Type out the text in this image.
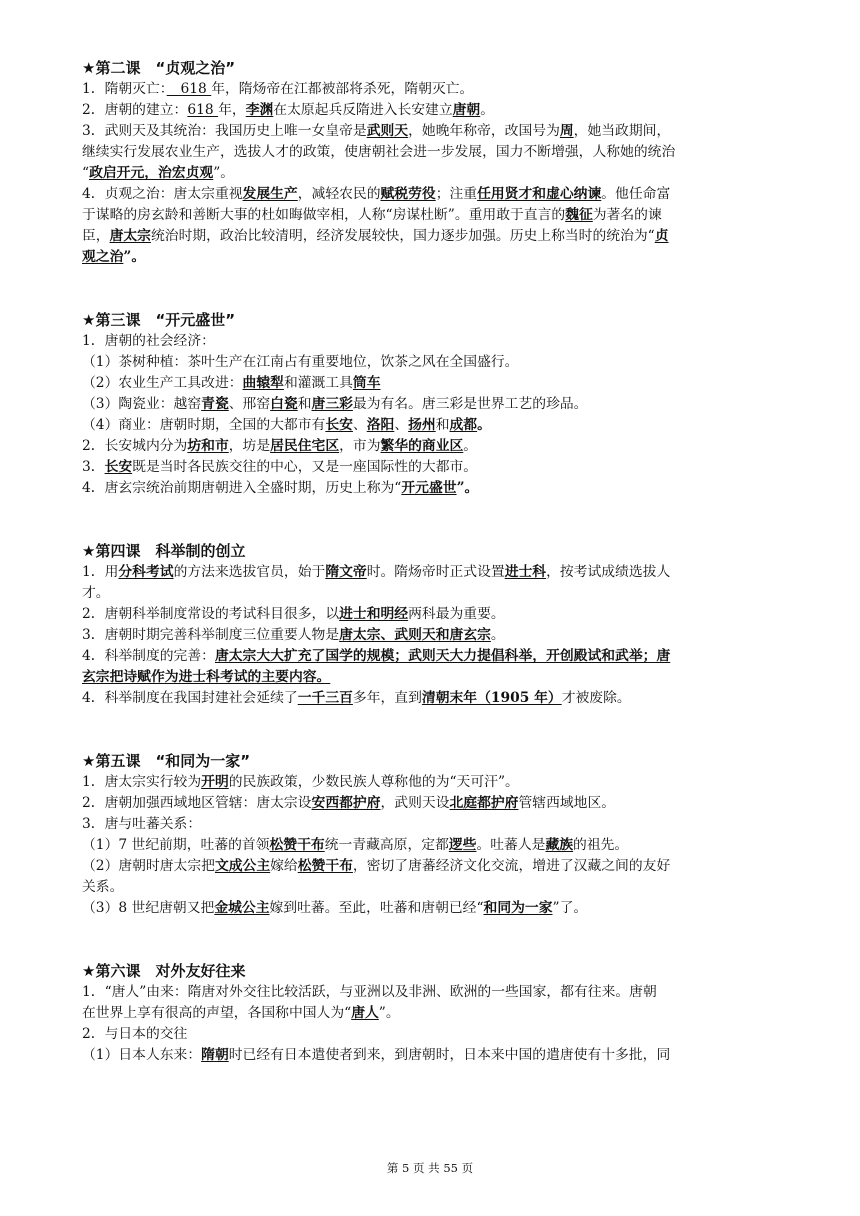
★第二课　“贞观之治”
1．隋朝灭亡：　618 年，隋炀帝在江都被部将杀死，隋朝灭亡。
2．唐朝的建立：618 年，李渊在太原起兵反隋进入长安建立唐朝。
3．武则天及其统治：我国历史上唯一女皇帝是武则天，她晚年称帝，改国号为周，她当政期间，
继续实行发展农业生产，选拔人才的政策，使唐朝社会进一步发展，国力不断增强，人称她的统治
“政启开元，治宏贞观”。
4．贞观之治：唐太宗重视发展生产，减轻农民的赋税劳役；注重任用贤才和虚心纳谏。他任命富
于谋略的房玄龄和善断大事的杜如晦做宰相，人称“房谋杜断”。重用敢于直言的魏征为著名的谏
臣，唐太宗统治时期，政治比较清明，经济发展较快，国力逐步加强。历史上称当时的统治为“贞
观之治”。
★第三课　“开元盛世”
1．唐朝的社会经济：
（1）茶树种植：茶叶生产在江南占有重要地位，饮茶之风在全国盛行。
（2）农业生产工具改进：曲辕犁和灌溉工具筒车
（3）陶瓷业：越窑青瓷、邢窑白瓷和唐三彩最为有名。唐三彩是世界工艺的珍品。
（4）商业：唐朝时期，全国的大都市有长安、洛阳、扬州和成都。
2．长安城内分为坊和市，坊是居民住宅区，市为繁华的商业区。
3．长安既是当时各民族交往的中心，又是一座国际性的大都市。
4．唐玄宗统治前期唐朝进入全盛时期，历史上称为“开元盛世”。
★第四课　科举制的创立
1．用分科考试的方法来选拔官员，始于隋文帝时。隋炀帝时正式设置进士科，按考试成绩选拔人
才。
2．唐朝科举制度常设的考试科目很多，以进士和明经两科最为重要。
3．唐朝时期完善科举制度三位重要人物是唐太宗、武则天和唐玄宗。
4．科举制度的完善：唐太宗大大扩充了国学的规模；武则天大力提倡科举，开创殿试和武举；唐
玄宗把诗赋作为进士科考试的主要内容。
4．科举制度在我国封建社会延续了一千三百多年，直到清朝末年（1905 年）才被废除。
★第五课　“和同为一家”
1．唐太宗实行较为开明的民族政策，少数民族人尊称他的为“天可汗”。
2．唐朝加强西域地区管辖：唐太宗设安西都护府，武则天设北庭都护府管辖西域地区。
3．唐与吐蕃关系：
（1）7 世纪前期，吐蕃的首领松赞干布统一青藏高原，定都逻些。吐蕃人是藏族的祖先。
（2）唐朝时唐太宗把文成公主嫁给松赞干布，密切了唐蕃经济文化交流，增进了汉藏之间的友好
关系。
（3）8 世纪唐朝又把金城公主嫁到吐蕃。至此，吐蕃和唐朝已经“和同为一家”了。
★第六课　对外友好往来
1．“唐人”由来：隋唐对外交往比较活跃，与亚洲以及非洲、欧洲的一些国家，都有往来。唐朝
在世界上享有很高的声望，各国称中国人为“唐人”。
2．与日本的交往
（1）日本人东来：隋朝时已经有日本遣使者到来，到唐朝时，日本来中国的遣唐使有十多批，同
第 5 页 共 55 页
